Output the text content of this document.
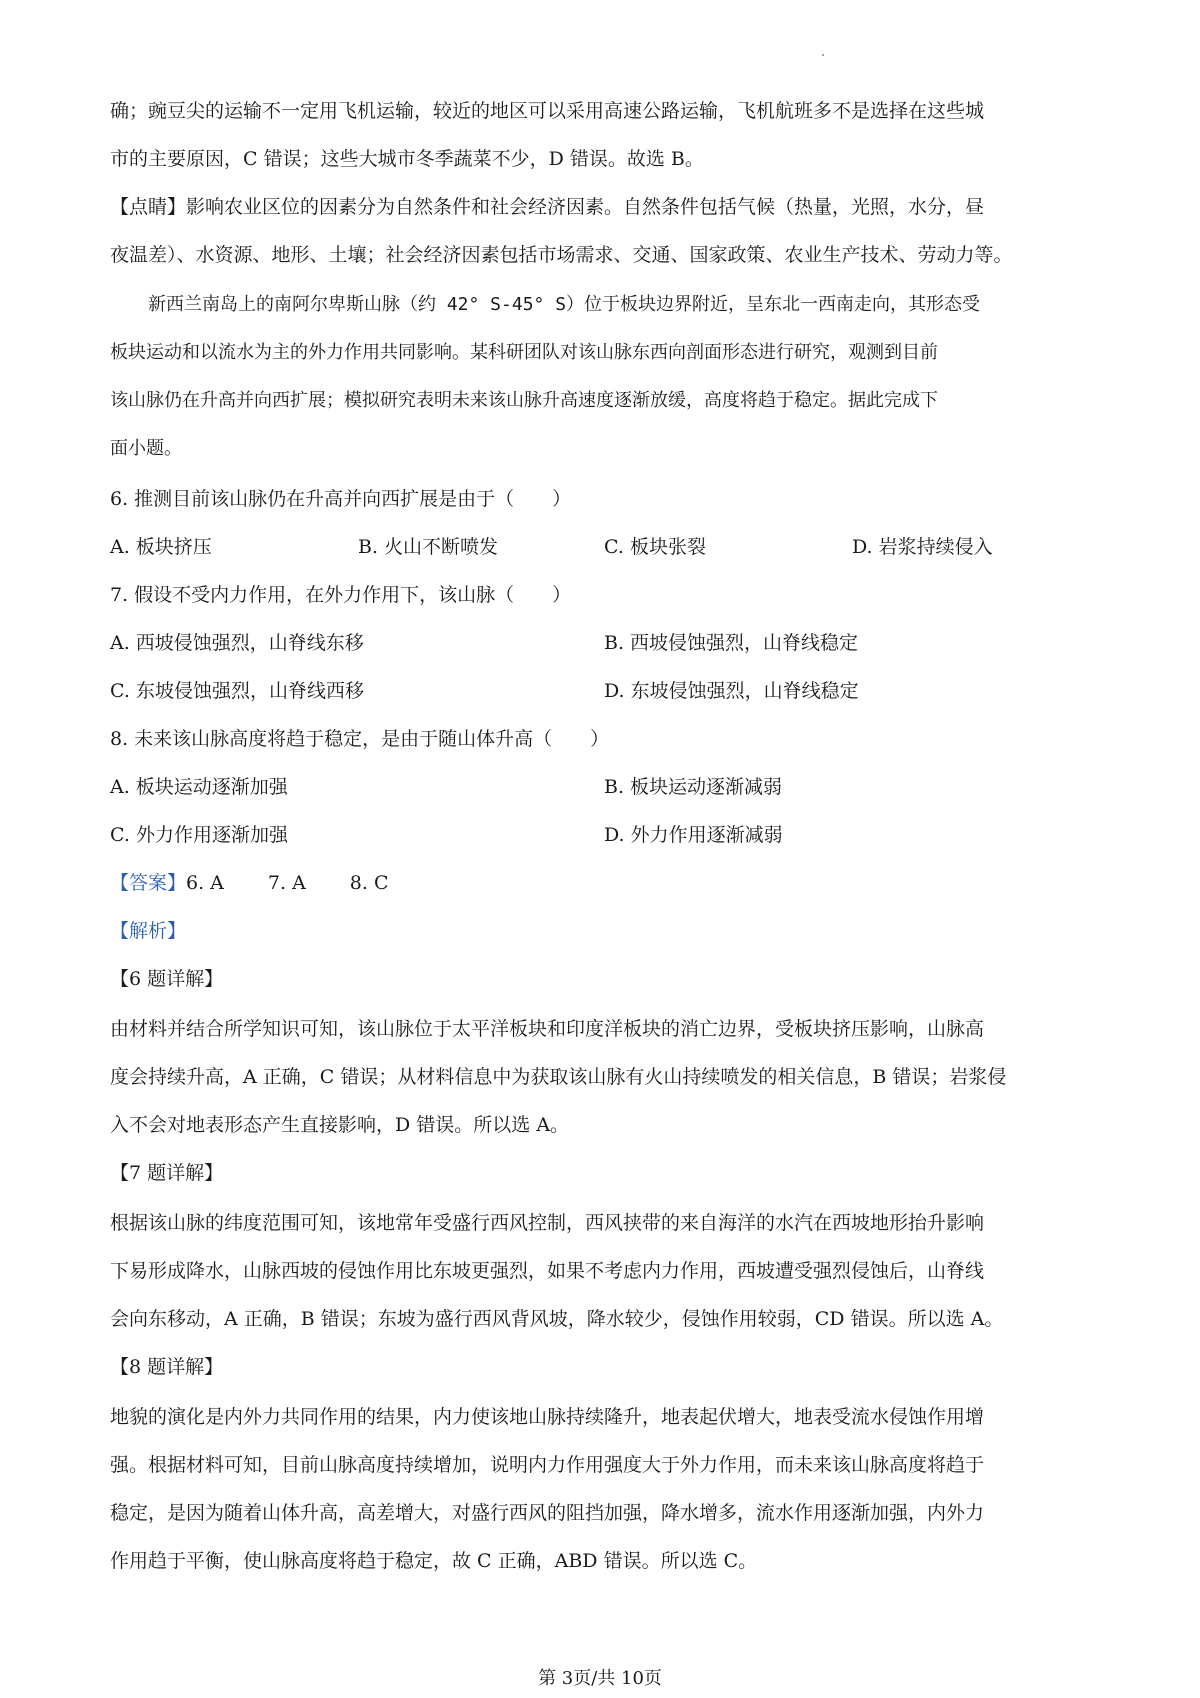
确；豌豆尖的运输不一定用飞机运输，较近的地区可以采用高速公路运输，飞机航班多不是选择在这些城
市的主要原因，C 错误；这些大城市冬季蔬菜不少，D 错误。故选 B。
【点睛】影响农业区位的因素分为自然条件和社会经济因素。自然条件包括气候（热量，光照，水分，昼
夜温差）、水资源、地形、土壤；社会经济因素包括市场需求、交通、国家政策、农业生产技术、劳动力等。
新西兰南岛上的南阿尔卑斯山脉（约 42° S-45° S）位于板块边界附近，呈东北一西南走向，其形态受
板块运动和以流水为主的外力作用共同影响。某科研团队对该山脉东西向剖面形态进行研究，观测到目前
该山脉仍在升高并向西扩展；模拟研究表明未来该山脉升高速度逐渐放缓，高度将趋于稳定。据此完成下
面小题。
6. 推测目前该山脉仍在升高并向西扩展是由于（　　）
A. 板块挤压	B. 火山不断喷发	C. 板块张裂	D. 岩浆持续侵入
7. 假设不受内力作用，在外力作用下，该山脉（　　）
A. 西坡侵蚀强烈，山脊线东移	B. 西坡侵蚀强烈，山脊线稳定
C. 东坡侵蚀强烈，山脊线西移	D. 东坡侵蚀强烈，山脊线稳定
8. 未来该山脉高度将趋于稳定，是由于随山体升高（　　）
A. 板块运动逐渐加强	B. 板块运动逐渐减弱
C. 外力作用逐渐加强	D. 外力作用逐渐减弱
【答案】6. A 7. A 8. C
【解析】
【6 题详解】
由材料并结合所学知识可知，该山脉位于太平洋板块和印度洋板块的消亡边界，受板块挤压影响，山脉高
度会持续升高，A 正确，C 错误；从材料信息中为获取该山脉有火山持续喷发的相关信息，B 错误；岩浆侵
入不会对地表形态产生直接影响，D 错误。所以选 A。
【7 题详解】
根据该山脉的纬度范围可知，该地常年受盛行西风控制，西风挟带的来自海洋的水汽在西坡地形抬升影响
下易形成降水，山脉西坡的侵蚀作用比东坡更强烈，如果不考虑内力作用，西坡遭受强烈侵蚀后，山脊线
会向东移动，A 正确，B 错误；东坡为盛行西风背风坡，降水较少，侵蚀作用较弱，CD 错误。所以选 A。
【8 题详解】
地貌的演化是内外力共同作用的结果，内力使该地山脉持续隆升，地表起伏增大，地表受流水侵蚀作用增
强。根据材料可知，目前山脉高度持续增加，说明内力作用强度大于外力作用，而未来该山脉高度将趋于
稳定，是因为随着山体升高，高差增大，对盛行西风的阻挡加强，降水增多，流水作用逐渐加强，内外力
作用趋于平衡，使山脉高度将趋于稳定，故 C 正确，ABD 错误。所以选 C。
第 3页/共 10页
